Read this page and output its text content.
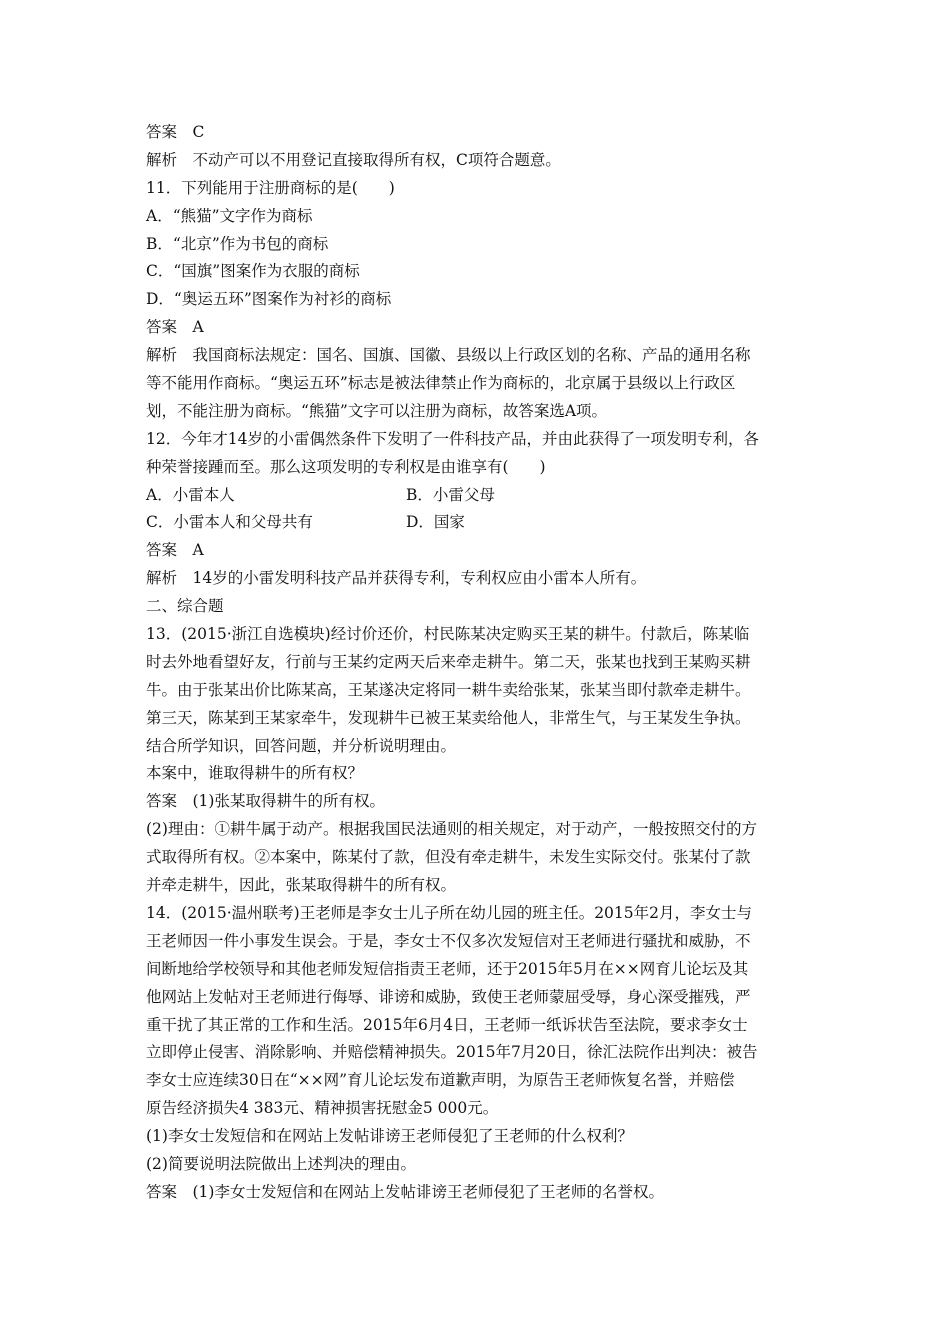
答案　C
解析　不动产可以不用登记直接取得所有权，C项符合题意。
11．下列能用于注册商标的是(　　)
A．“熊猫”文字作为商标
B．“北京”作为书包的商标
C．“国旗”图案作为衣服的商标
D．“奥运五环”图案作为衬衫的商标
答案　A
解析　我国商标法规定：国名、国旗、国徽、县级以上行政区划的名称、产品的通用名称
等不能用作商标。“奥运五环”标志是被法律禁止作为商标的，北京属于县级以上行政区
划，不能注册为商标。“熊猫”文字可以注册为商标，故答案选A项。
12．今年才14岁的小雷偶然条件下发明了一件科技产品，并由此获得了一项发明专利，各
种荣誉接踵而至。那么这项发明的专利权是由谁享有(　　)
A．小雷本人	B．小雷父母
C．小雷本人和父母共有	D．国家
答案　A
解析　14岁的小雷发明科技产品并获得专利，专利权应由小雷本人所有。
二、综合题
13．(2015·浙江自选模块)经讨价还价，村民陈某决定购买王某的耕牛。付款后，陈某临
时去外地看望好友，行前与王某约定两天后来牵走耕牛。第二天，张某也找到王某购买耕
牛。由于张某出价比陈某高，王某遂决定将同一耕牛卖给张某，张某当即付款牵走耕牛。
第三天，陈某到王某家牵牛，发现耕牛已被王某卖给他人，非常生气，与王某发生争执。
结合所学知识，回答问题，并分析说明理由。
本案中，谁取得耕牛的所有权？
答案　(1)张某取得耕牛的所有权。
(2)理由：①耕牛属于动产。根据我国民法通则的相关规定，对于动产，一般按照交付的方
式取得所有权。②本案中，陈某付了款，但没有牵走耕牛，未发生实际交付。张某付了款
并牵走耕牛，因此，张某取得耕牛的所有权。
14．(2015·温州联考)王老师是李女士儿子所在幼儿园的班主任。2015年2月，李女士与
王老师因一件小事发生误会。于是，李女士不仅多次发短信对王老师进行骚扰和威胁，不
间断地给学校领导和其他老师发短信指责王老师，还于2015年5月在××网育儿论坛及其
他网站上发帖对王老师进行侮辱、诽谤和威胁，致使王老师蒙屈受辱，身心深受摧残，严
重干扰了其正常的工作和生活。2015年6月4日，王老师一纸诉状告至法院，要求李女士
立即停止侵害、消除影响、并赔偿精神损失。2015年7月20日，徐汇法院作出判决：被告
李女士应连续30日在“××网”育儿论坛发布道歉声明，为原告王老师恢复名誉，并赔偿
原告经济损失4 383元、精神损害抚慰金5 000元。
(1)李女士发短信和在网站上发帖诽谤王老师侵犯了王老师的什么权利？
(2)简要说明法院做出上述判决的理由。
答案　(1)李女士发短信和在网站上发帖诽谤王老师侵犯了王老师的名誉权。
